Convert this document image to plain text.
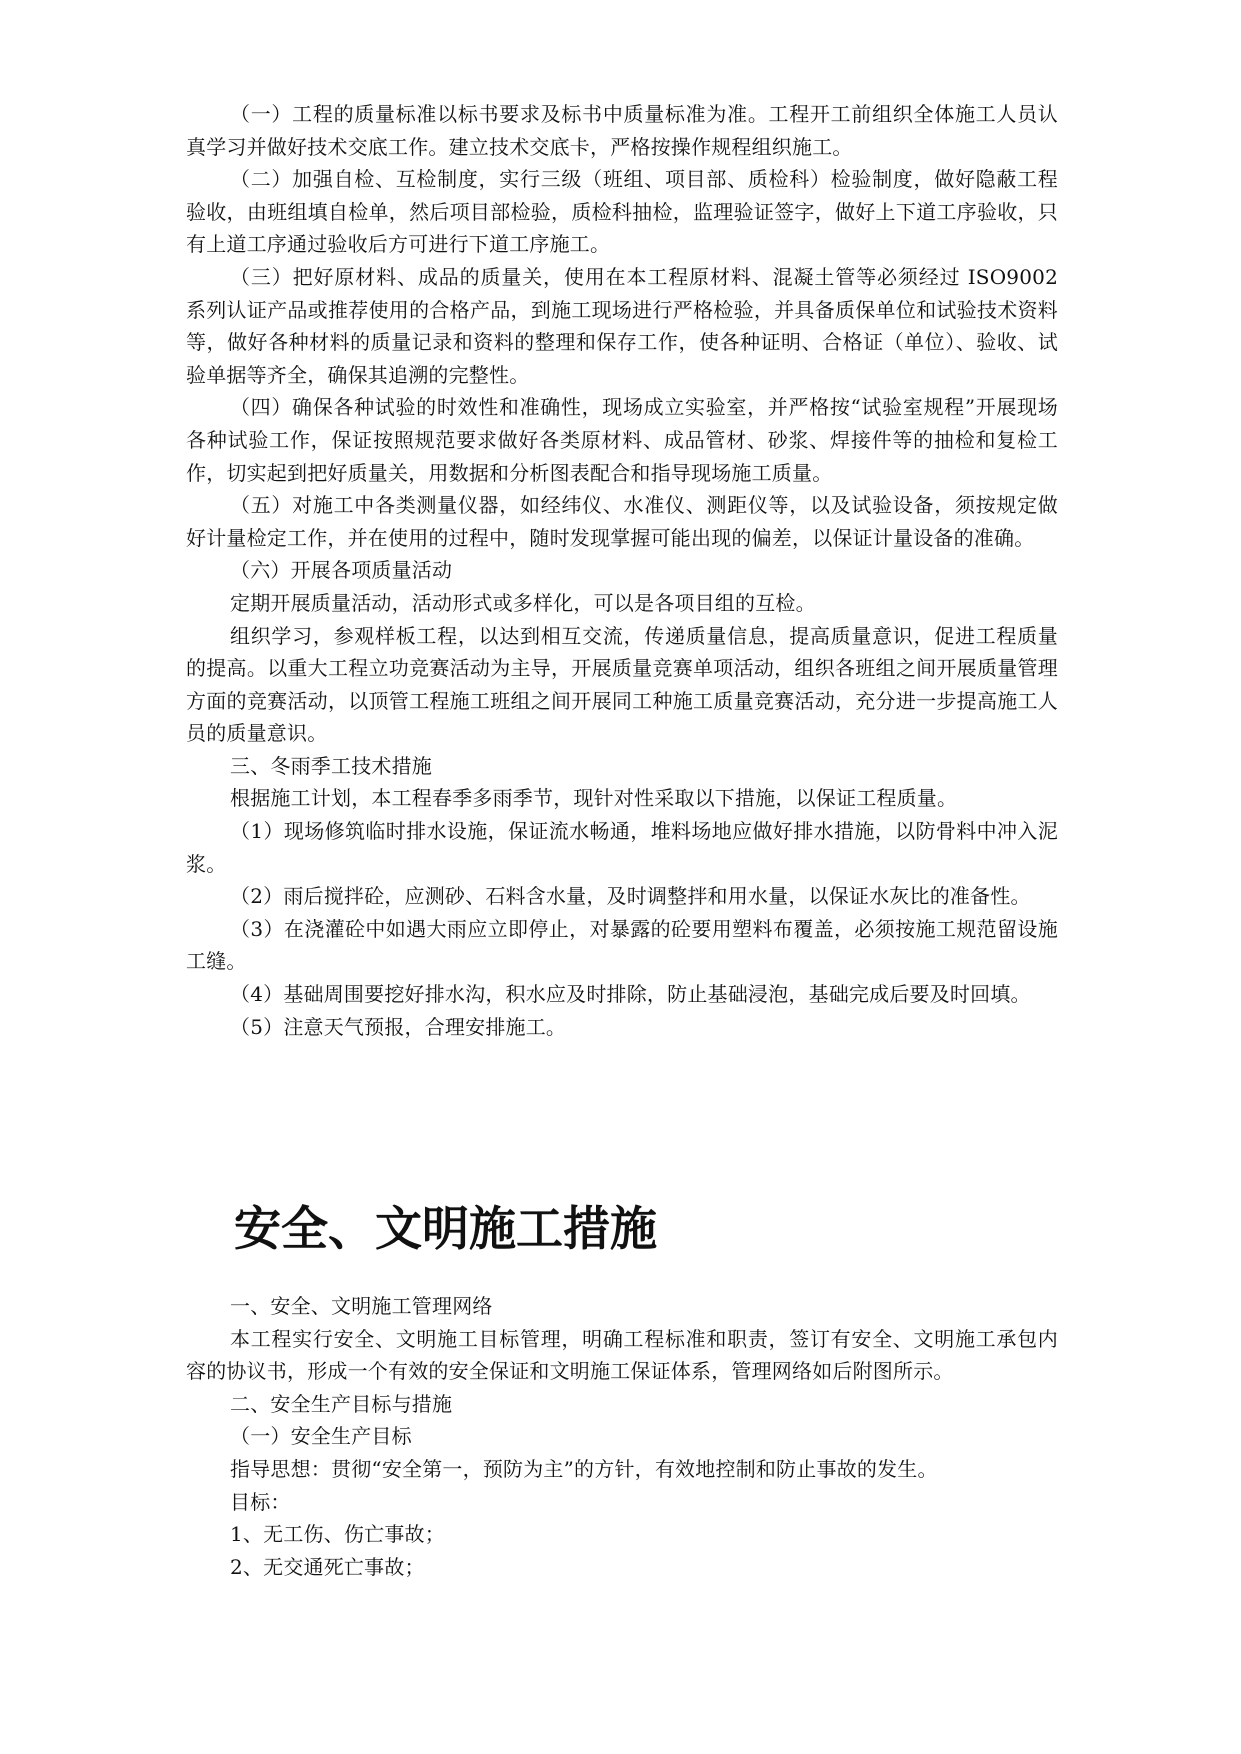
（一）工程的质量标准以标书要求及标书中质量标准为准。工程开工前组织全体施工人员认真学习并做好技术交底工作。建立技术交底卡，严格按操作规程组织施工。

（二）加强自检、互检制度，实行三级（班组、项目部、质检科）检验制度，做好隐蔽工程验收，由班组填自检单，然后项目部检验，质检科抽检，监理验证签字，做好上下道工序验收，只有上道工序通过验收后方可进行下道工序施工。

（三）把好原材料、成品的质量关，使用在本工程原材料、混凝土管等必须经过 ISO9002 系列认证产品或推荐使用的合格产品，到施工现场进行严格检验，并具备质保单位和试验技术资料等，做好各种材料的质量记录和资料的整理和保存工作，使各种证明、合格证（单位）、验收、试验单据等齐全，确保其追溯的完整性。

（四）确保各种试验的时效性和准确性，现场成立实验室，并严格按“试验室规程”开展现场各种试验工作，保证按照规范要求做好各类原材料、成品管材、砂浆、焊接件等的抽检和复检工作，切实起到把好质量关，用数据和分析图表配合和指导现场施工质量。

（五）对施工中各类测量仪器，如经纬仪、水准仪、测距仪等，以及试验设备，须按规定做好计量检定工作，并在使用的过程中，随时发现掌握可能出现的偏差，以保证计量设备的准确。

（六）开展各项质量活动

定期开展质量活动，活动形式或多样化，可以是各项目组的互检。

组织学习，参观样板工程，以达到相互交流，传递质量信息，提高质量意识，促进工程质量的提高。以重大工程立功竞赛活动为主导，开展质量竞赛单项活动，组织各班组之间开展质量管理方面的竞赛活动，以顶管工程施工班组之间开展同工种施工质量竞赛活动，充分进一步提高施工人员的质量意识。

三、冬雨季工技术措施

根据施工计划，本工程春季多雨季节，现针对性采取以下措施，以保证工程质量。

（1）现场修筑临时排水设施，保证流水畅通，堆料场地应做好排水措施，以防骨料中冲入泥浆。

（2）雨后搅拌砼，应测砂、石料含水量，及时调整拌和用水量，以保证水灰比的准备性。

（3）在浇灌砼中如遇大雨应立即停止，对暴露的砼要用塑料布覆盖，必须按施工规范留设施工缝。

（4）基础周围要挖好排水沟，积水应及时排除，防止基础浸泡，基础完成后要及时回填。

（5）注意天气预报，合理安排施工。

安全、文明施工措施

一、安全、文明施工管理网络

本工程实行安全、文明施工目标管理，明确工程标准和职责，签订有安全、文明施工承包内容的协议书，形成一个有效的安全保证和文明施工保证体系，管理网络如后附图所示。

二、安全生产目标与措施

（一）安全生产目标

指导思想：贯彻“安全第一，预防为主”的方针，有效地控制和防止事故的发生。

目标：

1、无工伤、伤亡事故；

2、无交通死亡事故；
